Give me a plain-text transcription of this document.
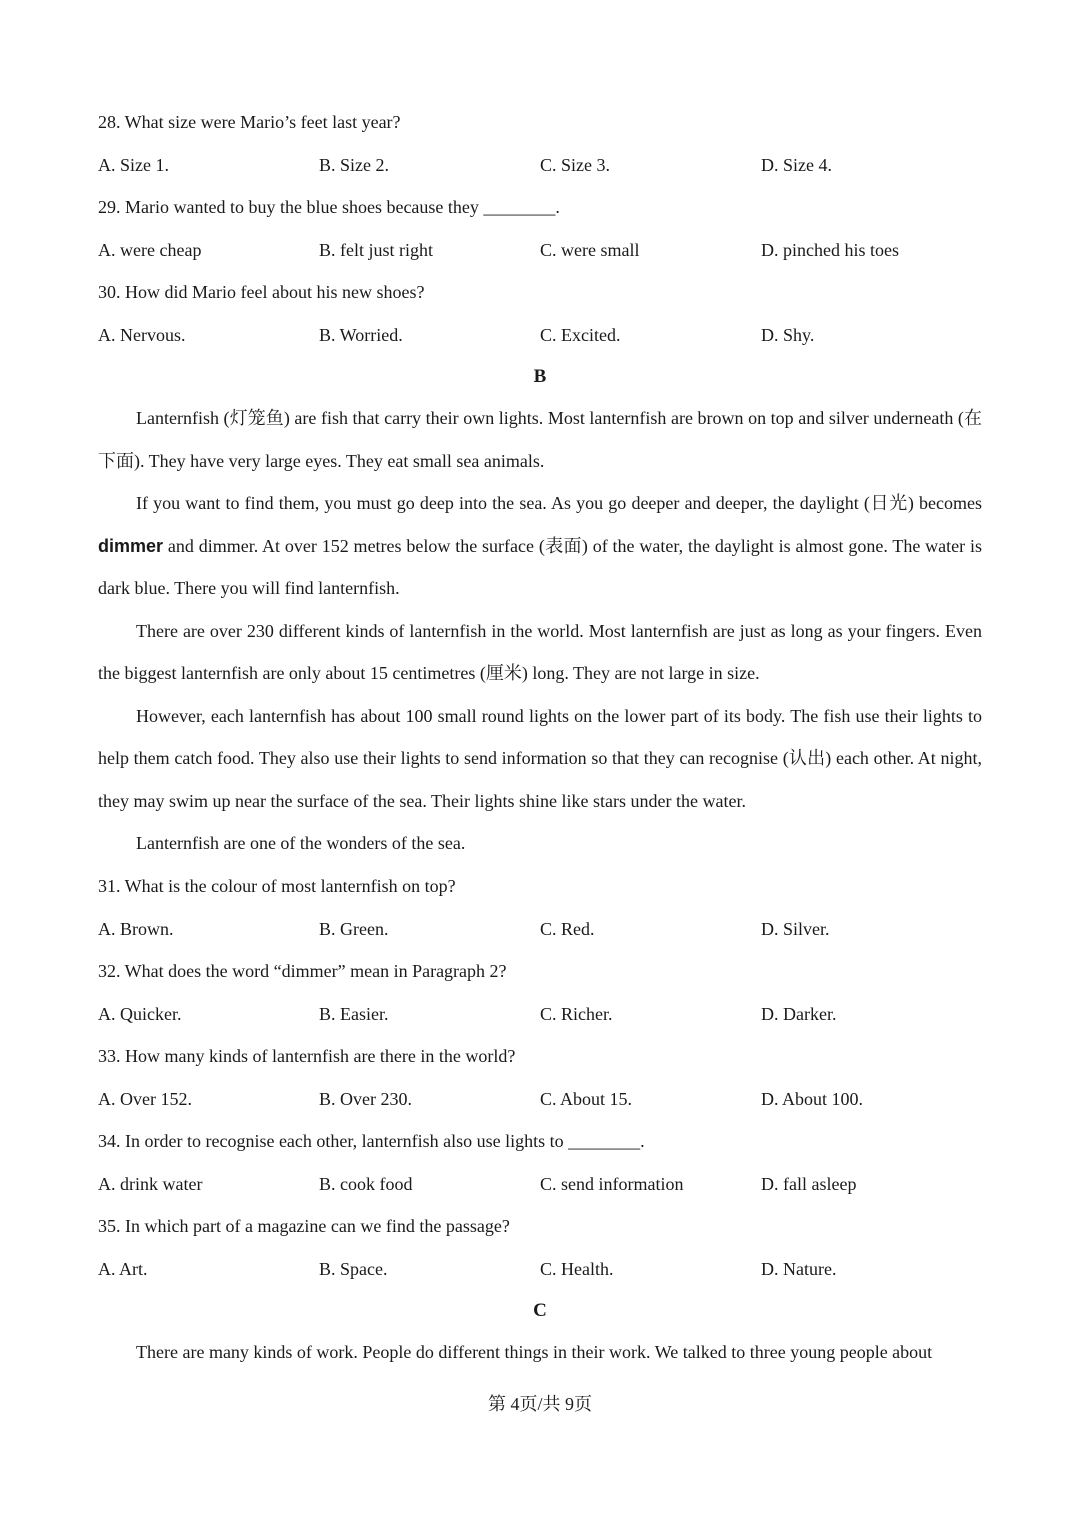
28. What size were Mario’s feet last year?
A. Size 1.	B. Size 2.	C. Size 3.	D. Size 4.
29. Mario wanted to buy the blue shoes because they ________.
A. were cheap	B. felt just right	C. were small	D. pinched his toes
30. How did Mario feel about his new shoes?
A. Nervous.	B. Worried.	C. Excited.	D. Shy.
B

Lanternfish (灯笼鱼) are fish that carry their own lights. Most lanternfish are brown on top and silver underneath (在下面). They have very large eyes. They eat small sea animals.

If you want to find them, you must go deep into the sea. As you go deeper and deeper, the daylight (日光) becomes dimmer and dimmer. At over 152 metres below the surface (表面) of the water, the daylight is almost gone. The water is dark blue. There you will find lanternfish.

There are over 230 different kinds of lanternfish in the world. Most lanternfish are just as long as your fingers. Even the biggest lanternfish are only about 15 centimetres (厘米) long. They are not large in size.

However, each lanternfish has about 100 small round lights on the lower part of its body. The fish use their lights to help them catch food. They also use their lights to send information so that they can recognise (认出) each other. At night, they may swim up near the surface of the sea. Their lights shine like stars under the water.

Lanternfish are one of the wonders of the sea.

31. What is the colour of most lanternfish on top?
A. Brown.	B. Green.	C. Red.	D. Silver.
32. What does the word “dimmer” mean in Paragraph 2?
A. Quicker.	B. Easier.	C. Richer.	D. Darker.
33. How many kinds of lanternfish are there in the world?
A. Over 152.	B. Over 230.	C. About 15.	D. About 100.
34. In order to recognise each other, lanternfish also use lights to ________.
A. drink water	B. cook food	C. send information	D. fall asleep
35. In which part of a magazine can we find the passage?
A. Art.	B. Space.	C. Health.	D. Nature.
C

There are many kinds of work. People do different things in their work. We talked to three young people about

第 4页/共 9页
